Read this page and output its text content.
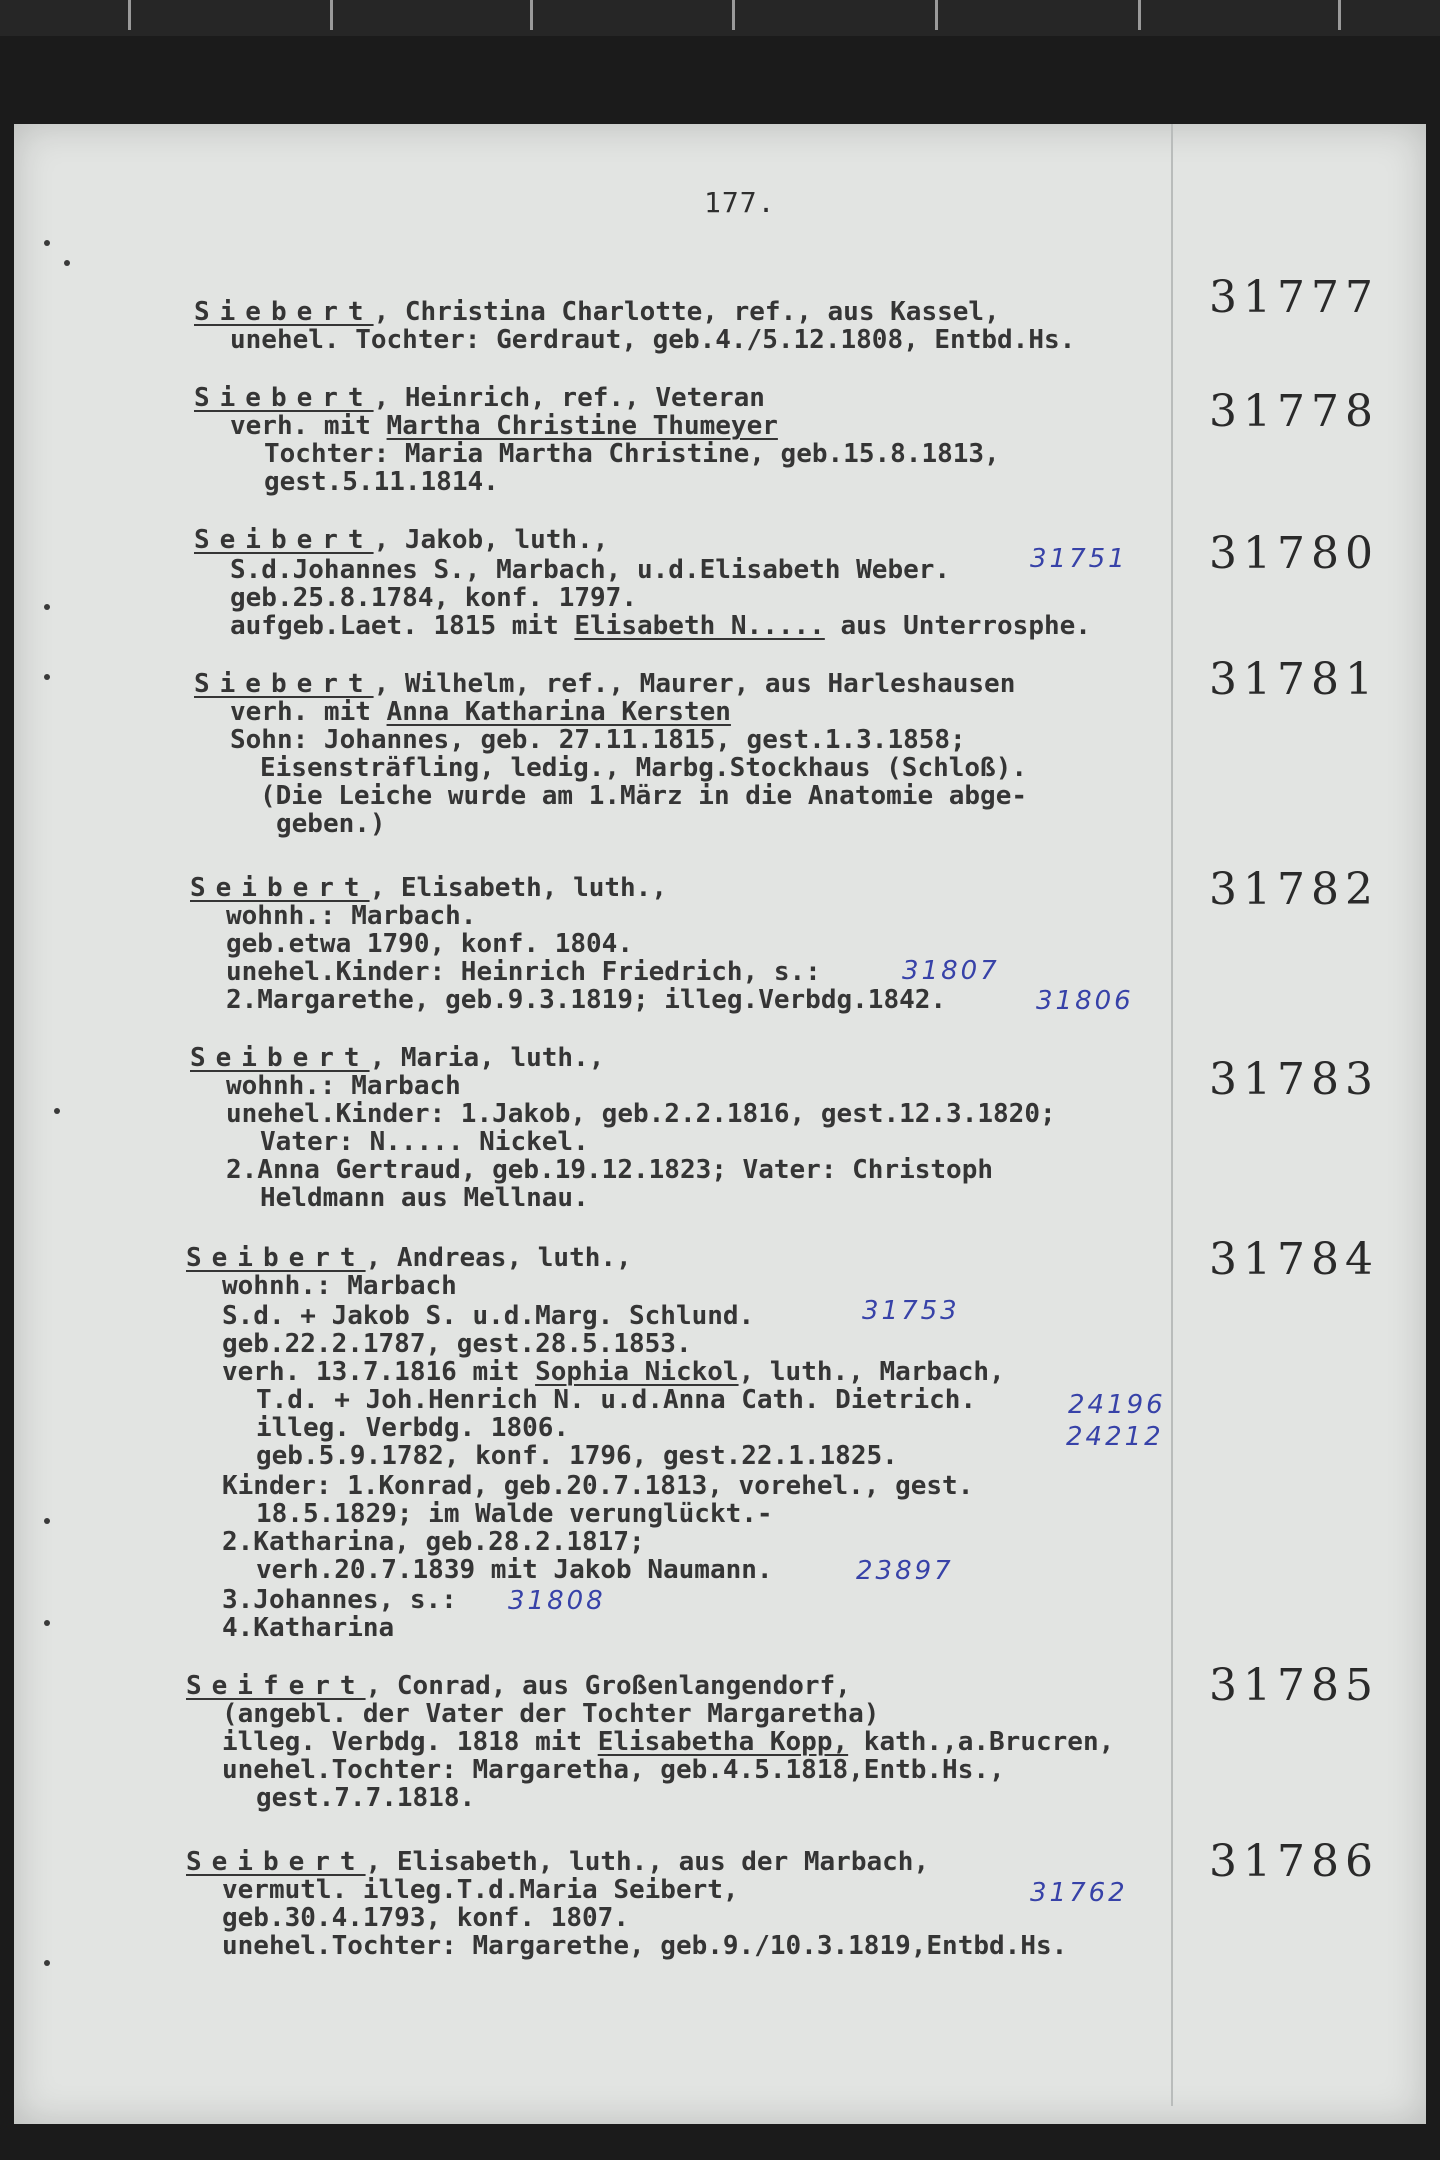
177.
Siebert, Christina Charlotte, ref., aus Kassel,
unehel. Tochter: Gerdraut, geb.4./5.12.1808, Entbd.Hs.
31777
Siebert, Heinrich, ref., Veteran
verh. mit Martha Christine Thumeyer
Tochter: Maria Martha Christine, geb.15.8.1813,
gest.5.11.1814.
31778
Seibert, Jakob, luth.,
S.d.Johannes S., Marbach, u.d.Elisabeth Weber.
geb.25.8.1784, konf. 1797.
aufgeb.Laet. 1815 mit Elisabeth N..... aus Unterrosphe.
31751 31780
Siebert, Wilhelm, ref., Maurer, aus Harleshausen
verh. mit Anna Katharina Kersten
Sohn: Johannes, geb. 27.11.1815, gest.1.3.1858;
Eisensträfling, ledig., Marbg.Stockhaus (Schloß).
(Die Leiche wurde am 1.März in die Anatomie abge-
geben.)
31781
Seibert, Elisabeth, luth.,
wohnh.: Marbach.
geb.etwa 1790, konf. 1804.
unehel.Kinder: Heinrich Friedrich, s.:
2.Margarethe, geb.9.3.1819; illeg.Verbdg.1842.
31807
31806
31782
Seibert, Maria, luth.,
wohnh.: Marbach
unehel.Kinder: 1.Jakob, geb.2.2.1816, gest.12.3.1820;
Vater: N..... Nickel.
2.Anna Gertraud, geb.19.12.1823; Vater: Christoph
Heldmann aus Mellnau.
31783
Seibert, Andreas, luth.,
wohnh.: Marbach
S.d. + Jakob S. u.d.Marg. Schlund.
geb.22.2.1787, gest.28.5.1853.
verh. 13.7.1816 mit Sophia Nickol, luth., Marbach,
T.d. + Joh.Henrich N. u.d.Anna Cath. Dietrich.
illeg. Verbdg. 1806.
geb.5.9.1782, konf. 1796, gest.22.1.1825.
Kinder: 1.Konrad, geb.20.7.1813, vorehel., gest.
18.5.1829; im Walde verunglückt.-
2.Katharina, geb.28.2.1817;
verh.20.7.1839 mit Jakob Naumann.
3.Johannes, s.:
4.Katharina
31753
24196
24212
23897
31808
31784
Seifert, Conrad, aus Großenlangendorf,
(angebl. der Vater der Tochter Margaretha)
illeg. Verbdg. 1818 mit Elisabetha Kopp, kath.,a.Brucren,
unehel.Tochter: Margaretha, geb.4.5.1818,Entb.Hs.,
gest.7.7.1818.
31785
Seibert, Elisabeth, luth., aus der Marbach,
vermutl. illeg.T.d.Maria Seibert,
geb.30.4.1793, konf. 1807.
unehel.Tochter: Margarethe, geb.9./10.3.1819,Entbd.Hs.
31762
31786
